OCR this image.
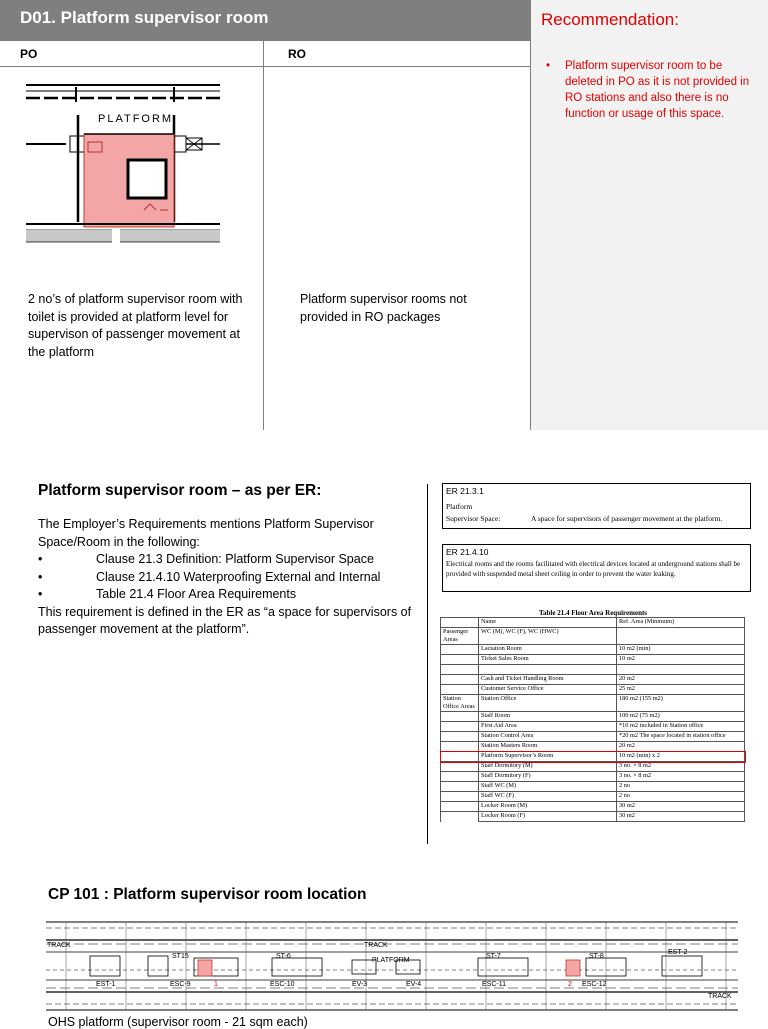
D01. Platform supervisor room	Recommendation:
•	Platform supervisor room to be deleted in PO as it is not provided in RO stations and also there is no function or usage of this space.
PO	RO
PLATFORM
2 no’s of platform supervisor room with toilet is provided at platform level for supervison of passenger movement at the platform
Platform supervisor rooms not provided in RO packages
Platform supervisor room – as per ER:
The Employer’s Requirements mentions Platform Supervisor Space/Room in the following:
•	Clause 21.3 Definition: Platform Supervisor Space
•	Clause 21.4.10 Waterproofing External and Internal
•	Table 21.4 Floor Area Requirements
This requirement is defined in the ER as “a space for supervisors of passenger movement at the platform”.
ER 21.3.1
Platform
Supervisor Space:	A space for supervisors of passenger movement at the platform.
ER 21.4.10
Electrical rooms and the rooms facilitated with electrical devices located at underground stations shall be provided with suspended metal sheet ceiling in order to prevent the water leaking.
Table 21.4 Floor Area Requirements
	Name	Ref. Area (Minimum)
Passenger Areas	WC (M), WC (F), WC (HWC)	
	Lactation Room	10 m2 (min)
	Ticket Sales Room	10 m2

	Cash and Ticket Handling Room	20 m2
	Customer Service Office	25 m2
Station Office Areas	Station Office	180 m2 (155 m2)
	Staff Room	100 m2 (75 m2)
	First Aid Area	*10 m2 included in Station office
	Station Control Area	*20 m2 The space located in station office
	Station Masters Room	20 m2
	Platform Supervisor’s Room	10 m2 (min) x 2
	Staff Dormitory (M)	3 no. × 8 m2
	Staff Dormitory (F)	3 no. × 8 m2
	Staff WC (M)	2 no
	Staff WC (F)	2 no
	Locker Room (M)	30 m2
	Locker Room (F)	30 m2
CP 101 : Platform supervisor room location
TRACK	TRACK
TRACK
PLATFORM
ST15	ST-6	ST-7	ST-8
EST-1
EST-2
ESC-9	ESC-10	ESC-11	ESC-12
EV-3	EV-4
1	2
OHS platform (supervisor room - 21 sqm each)
